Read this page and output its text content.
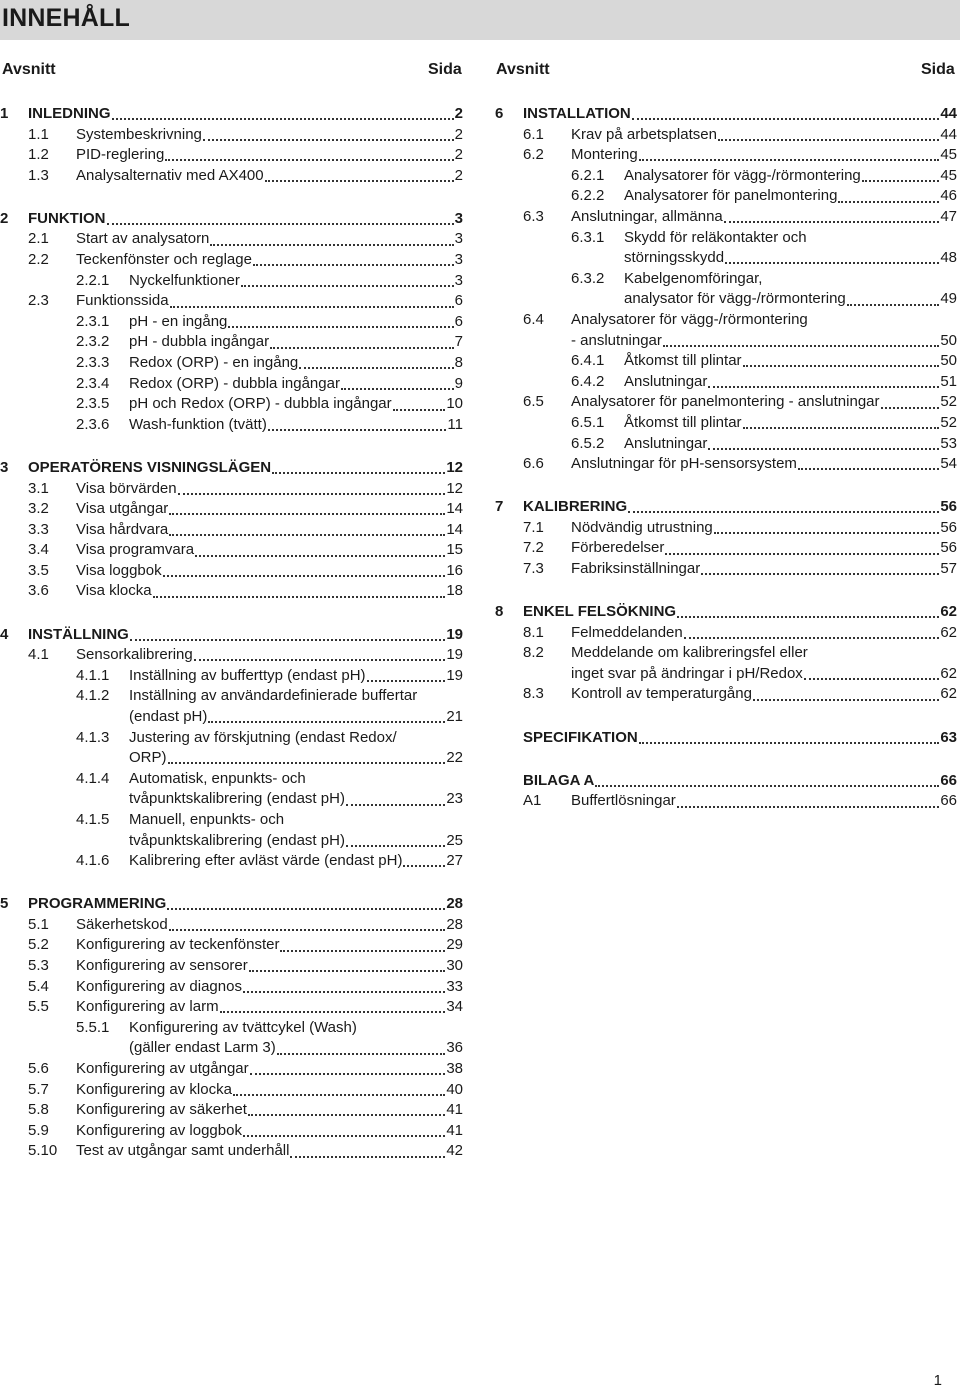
INNEHÅLL
Avsnitt	Sida Avsnitt	Sida
1 INLEDNING	2
1.1 Systembeskrivning	2
1.2 PID-reglering	2
1.3 Analysalternativ med AX400	2
2 FUNKTION	3
2.1 Start av analysatorn	3
2.2 Teckenfönster och reglage	3
2.2.1 Nyckelfunktioner	3
2.3 Funktionssida	6
2.3.1 pH - en ingång	6
2.3.2 pH - dubbla ingångar	7
2.3.3 Redox (ORP) - en ingång	8
2.3.4 Redox (ORP) - dubbla ingångar	9
2.3.5 pH och Redox (ORP) - dubbla ingångar	10
2.3.6 Wash-funktion (tvätt)	11
3 OPERATÖRENS VISNINGSLÄGEN	12
3.1 Visa börvärden	12
3.2 Visa utgångar	14
3.3 Visa hårdvara	14
3.4 Visa programvara	15
3.5 Visa loggbok	16
3.6 Visa klocka	18
4 INSTÄLLNING	19
4.1 Sensorkalibrering	19
4.1.1 Inställning av bufferttyp (endast pH)	19
4.1.2 Inställning av användardefinierade buffertar
(endast pH)	21
4.1.3 Justering av förskjutning (endast Redox/
ORP)	22
4.1.4 Automatisk, enpunkts- och
tvåpunktskalibrering (endast pH)	23
4.1.5 Manuell, enpunkts- och
tvåpunktskalibrering (endast pH)	25
4.1.6 Kalibrering efter avläst värde (endast pH)	27
5 PROGRAMMERING	28
5.1 Säkerhetskod	28
5.2 Konfigurering av teckenfönster	29
5.3 Konfigurering av sensorer	30
5.4 Konfigurering av diagnos	33
5.5 Konfigurering av larm	34
5.5.1 Konfigurering av tvättcykel (Wash)
(gäller endast Larm 3)	36
5.6 Konfigurering av utgångar	38
5.7 Konfigurering av klocka	40
5.8 Konfigurering av säkerhet	41
5.9 Konfigurering av loggbok	41
5.10 Test av utgångar samt underhåll	42
6 INSTALLATION	44
6.1 Krav på arbetsplatsen	44
6.2 Montering	45
6.2.1 Analysatorer för vägg-/rörmontering	45
6.2.2 Analysatorer för panelmontering	46
6.3 Anslutningar, allmänna	47
6.3.1 Skydd för reläkontakter och
störningsskydd	48
6.3.2 Kabelgenomföringar,
analysator för vägg-/rörmontering	49
6.4 Analysatorer för vägg-/rörmontering
- anslutningar	50
6.4.1 Åtkomst till plintar	50
6.4.2 Anslutningar	51
6.5 Analysatorer för panelmontering - anslutningar	52
6.5.1 Åtkomst till plintar	52
6.5.2 Anslutningar	53
6.6 Anslutningar för pH-sensorsystem	54
7 KALIBRERING	56
7.1 Nödvändig utrustning	56
7.2 Förberedelser	56
7.3 Fabriksinställningar	57
8 ENKEL FELSÖKNING	62
8.1 Felmeddelanden	62
8.2 Meddelande om kalibreringsfel eller
inget svar på ändringar i pH/Redox	62
8.3 Kontroll av temperaturgång	62
SPECIFIKATION	63
BILAGA A	66
A1 Buffertlösningar	66
1
